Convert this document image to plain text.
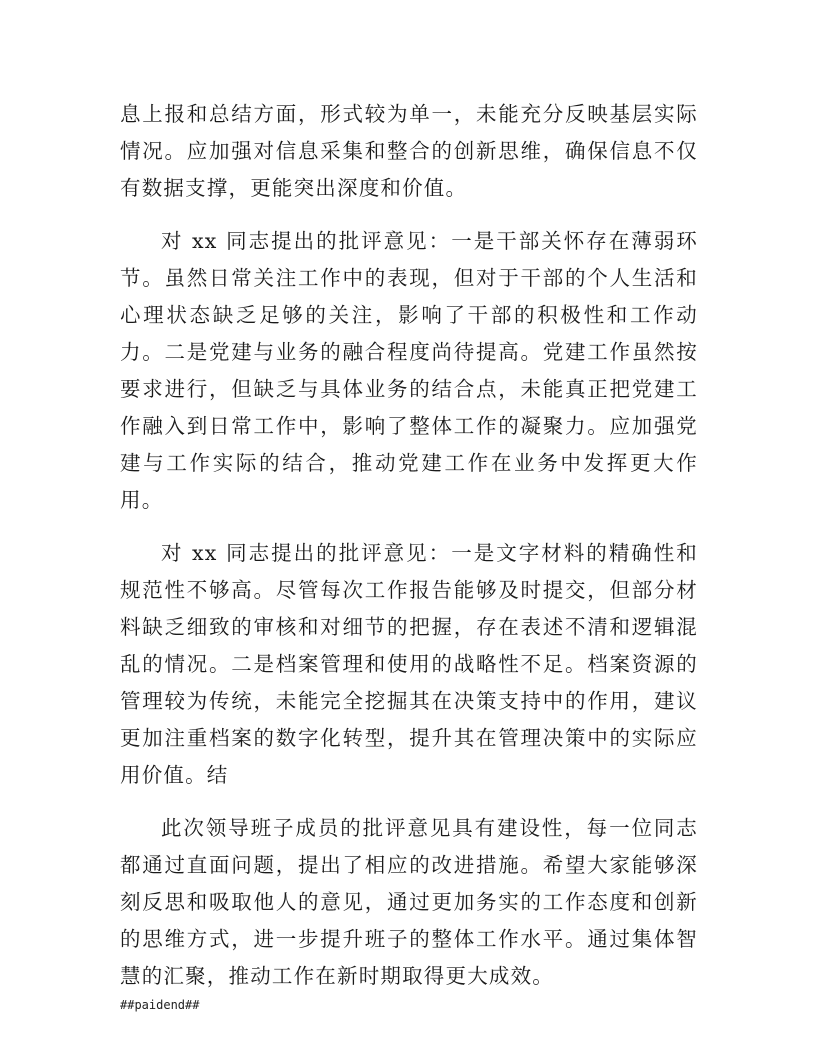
息上报和总结方面，形式较为单一，未能充分反映基层实际情况。应加强对信息采集和整合的创新思维，确保信息不仅有数据支撑，更能突出深度和价值。

对 xx 同志提出的批评意见：一是干部关怀存在薄弱环节。虽然日常关注工作中的表现，但对于干部的个人生活和心理状态缺乏足够的关注，影响了干部的积极性和工作动力。二是党建与业务的融合程度尚待提高。党建工作虽然按要求进行，但缺乏与具体业务的结合点，未能真正把党建工作融入到日常工作中，影响了整体工作的凝聚力。应加强党建与工作实际的结合，推动党建工作在业务中发挥更大作用。

对 xx 同志提出的批评意见：一是文字材料的精确性和规范性不够高。尽管每次工作报告能够及时提交，但部分材料缺乏细致的审核和对细节的把握，存在表述不清和逻辑混乱的情况。二是档案管理和使用的战略性不足。档案资源的管理较为传统，未能完全挖掘其在决策支持中的作用，建议更加注重档案的数字化转型，提升其在管理决策中的实际应用价值。结

此次领导班子成员的批评意见具有建设性，每一位同志都通过直面问题，提出了相应的改进措施。希望大家能够深刻反思和吸取他人的意见，通过更加务实的工作态度和创新的思维方式，进一步提升班子的整体工作水平。通过集体智慧的汇聚，推动工作在新时期取得更大成效。

##paidend##
